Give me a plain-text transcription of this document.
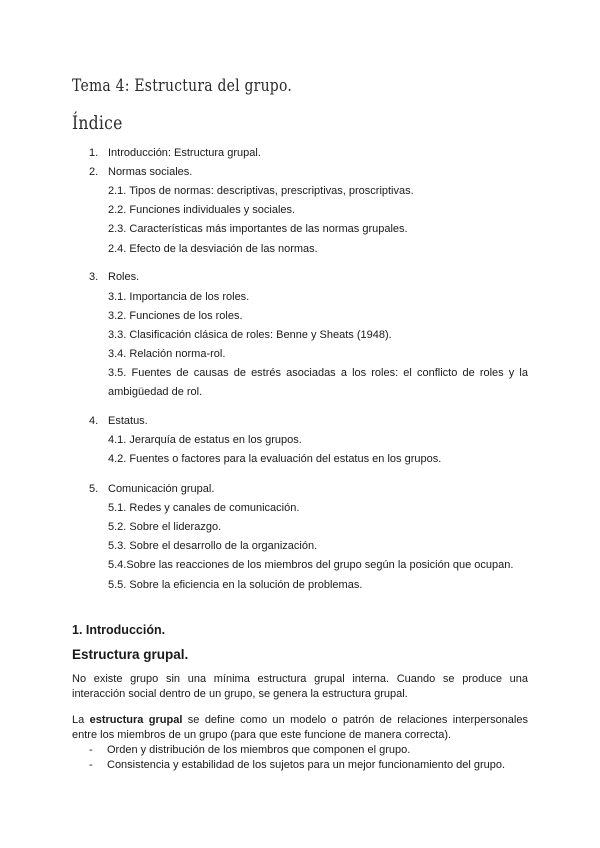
Tema 4: Estructura del grupo.
Índice
1. Introducción: Estructura grupal.
2. Normas sociales.
2.1. Tipos de normas: descriptivas, prescriptivas, proscriptivas.
2.2. Funciones individuales y sociales.
2.3. Características más importantes de las normas grupales.
2.4. Efecto de la desviación de las normas.
3. Roles.
3.1. Importancia de los roles.
3.2. Funciones de los roles.
3.3. Clasificación clásica de roles: Benne y Sheats (1948).
3.4. Relación norma-rol.
3.5. Fuentes de causas de estrés asociadas a los roles: el conflicto de roles y la
ambigüedad de rol.
4. Estatus.
4.1. Jerarquía de estatus en los grupos.
4.2. Fuentes o factores para la evaluación del estatus en los grupos.
5. Comunicación grupal.
5.1. Redes y canales de comunicación.
5.2. Sobre el liderazgo.
5.3. Sobre el desarrollo de la organización.
5.4.Sobre las reacciones de los miembros del grupo según la posición que ocupan.
5.5. Sobre la eficiencia en la solución de problemas.
1. Introducción.
Estructura grupal.
No existe grupo sin una mínima estructura grupal interna. Cuando se produce una interacción social dentro de un grupo, se genera la estructura grupal.
La estructura grupal se define como un modelo o patrón de relaciones interpersonales entre los miembros de un grupo (para que este funcione de manera correcta).
- Orden y distribución de los miembros que componen el grupo.
- Consistencia y estabilidad de los sujetos para un mejor funcionamiento del grupo.
